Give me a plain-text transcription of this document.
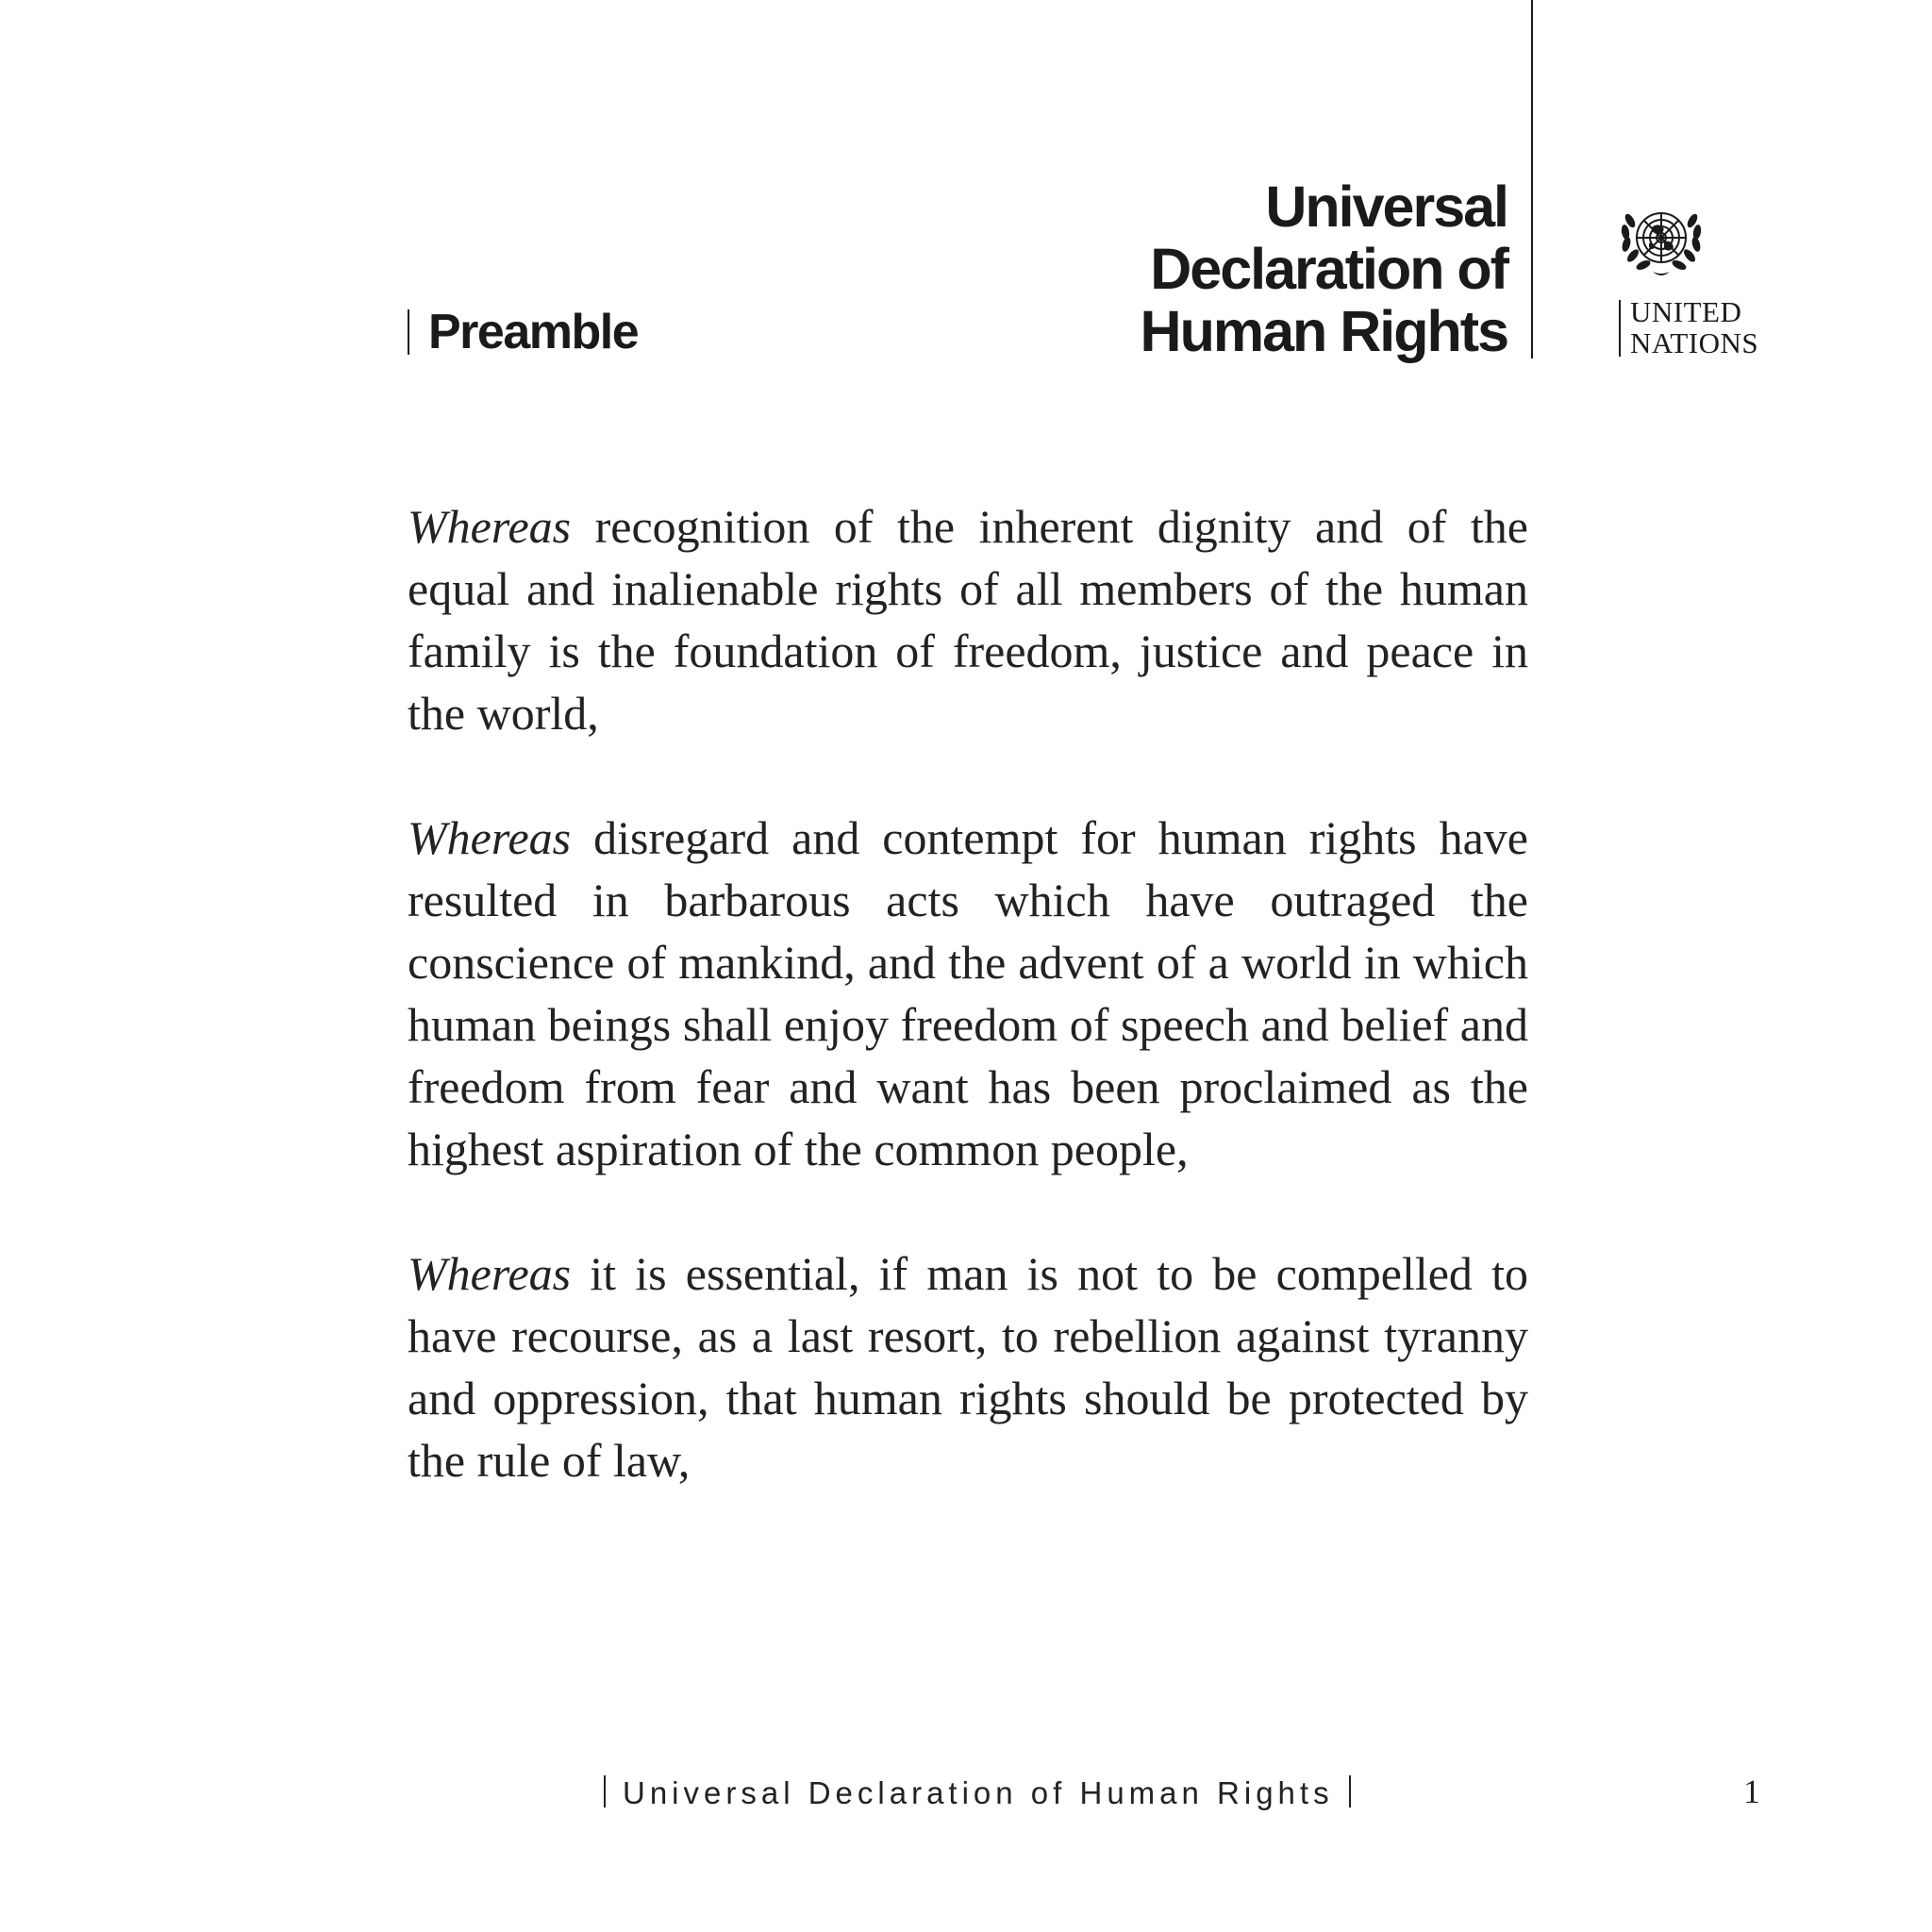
Preamble
Universal
Declaration of
Human Rights	UNITED
NATIONS

Whereas recognition of the inherent dignity and of the equal and inalienable rights of all members of the human family is the foundation of freedom, justice and peace in the world,

Whereas disregard and contempt for human rights have resulted in barbarous acts which have outraged the conscience of mankind, and the advent of a world in which human beings shall enjoy freedom of speech and belief and freedom from fear and want has been proclaimed as the highest aspiration of the common people,

Whereas it is essential, if man is not to be compelled to have recourse, as a last resort, to rebellion against tyranny and oppression, that human rights should be protected by the rule of law,

Universal Declaration of Human Rights	1
